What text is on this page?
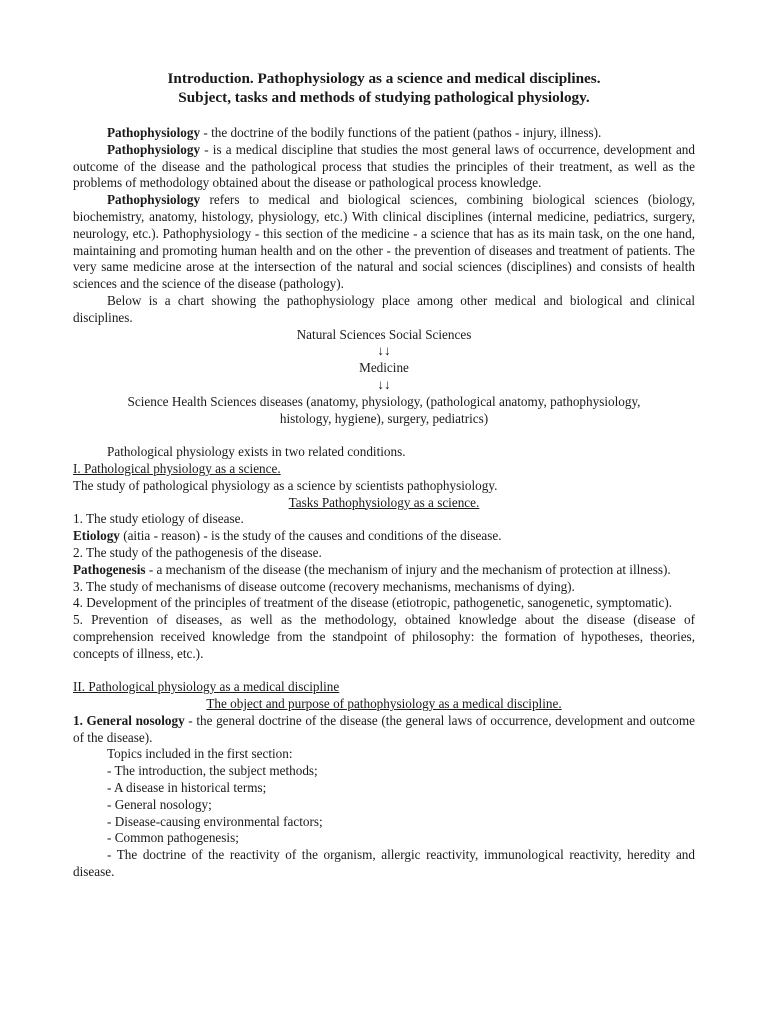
Introduction. Pathophysiology as a science and medical disciplines.
Subject, tasks and methods of studying pathological physiology.

Pathophysiology - the doctrine of the bodily functions of the patient (pathos - injury, illness).

Pathophysiology - is a medical discipline that studies the most general laws of occurrence, development and outcome of the disease and the pathological process that studies the principles of their treatment, as well as the problems of methodology obtained about the disease or pathological process knowledge.

Pathophysiology refers to medical and biological sciences, combining biological sciences (biology, biochemistry, anatomy, histology, physiology, etc.) With clinical disciplines (internal medicine, pediatrics, surgery, neurology, etc.). Pathophysiology - this section of the medicine - a science that has as its main task, on the one hand, maintaining and promoting human health and on the other - the prevention of diseases and treatment of patients. The very same medicine arose at the intersection of the natural and social sciences (disciplines) and consists of health sciences and the science of the disease (pathology).

Below is a chart showing the pathophysiology place among other medical and biological and clinical disciplines.

Natural Sciences Social Sciences

↓↓

Medicine

↓↓

Science Health Sciences diseases (anatomy, physiology, (pathological anatomy, pathophysiology,

histology, hygiene), surgery, pediatrics)

Pathological physiology exists in two related conditions.

I. Pathological physiology as a science.

The study of pathological physiology as a science by scientists pathophysiology.

Tasks Pathophysiology as a science.

1. The study etiology of disease.

Etiology (aitia - reason) - is the study of the causes and conditions of the disease.

2. The study of the pathogenesis of the disease.

Pathogenesis - a mechanism of the disease (the mechanism of injury and the mechanism of protection at illness).

3. The study of mechanisms of disease outcome (recovery mechanisms, mechanisms of dying).

4. Development of the principles of treatment of the disease (etiotropic, pathogenetic, sanogenetic, symptomatic).

5. Prevention of diseases, as well as the methodology, obtained knowledge about the disease (disease of comprehension received knowledge from the standpoint of philosophy: the formation of hypotheses, theories, concepts of illness, etc.).

II. Pathological physiology as a medical discipline

The object and purpose of pathophysiology as a medical discipline.

1. General nosology - the general doctrine of the disease (the general laws of occurrence, development and outcome of the disease).

Topics included in the first section:

- The introduction, the subject methods;

- A disease in historical terms;

- General nosology;

- Disease-causing environmental factors;

- Common pathogenesis;

- The doctrine of the reactivity of the organism, allergic reactivity, immunological reactivity, heredity and disease.
